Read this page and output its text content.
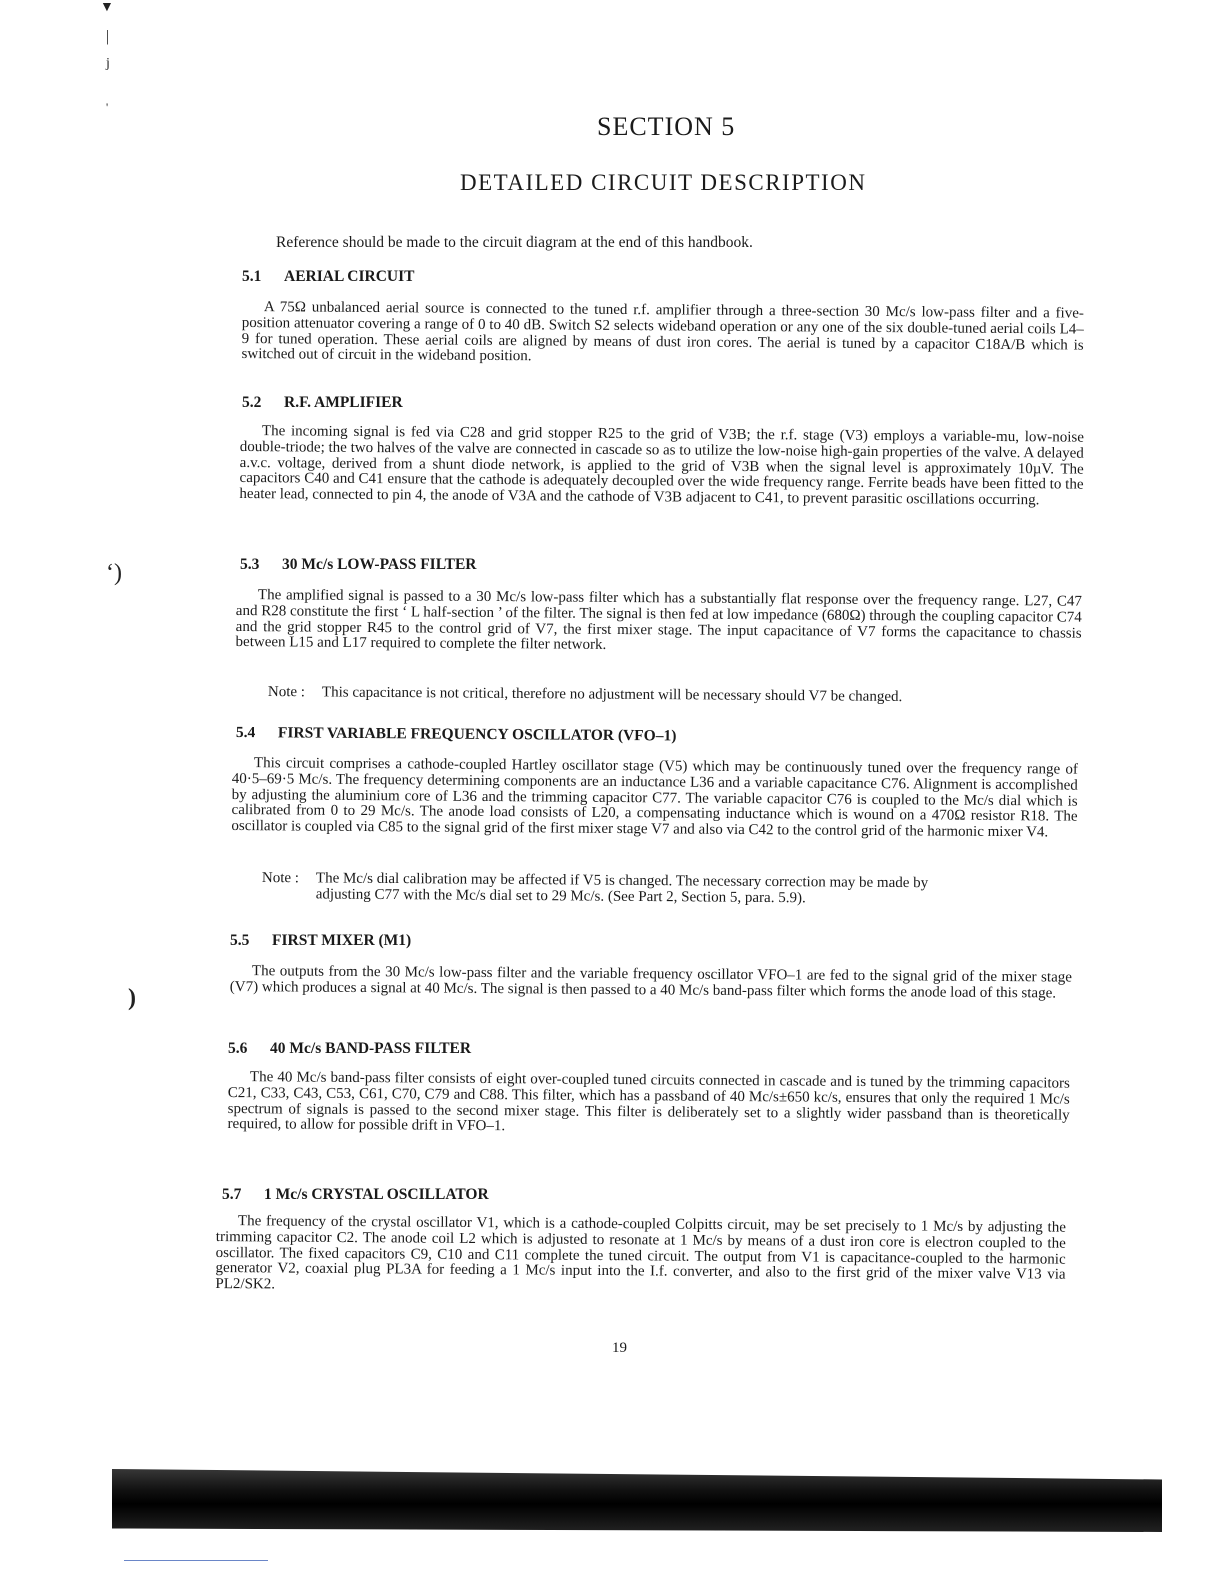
▼
|
j
'
‘)
)
SECTION 5
DETAILED CIRCUIT DESCRIPTION
Reference should be made to the circuit diagram at the end of this handbook.
5.1 AERIAL CIRCUIT
A 75Ω unbalanced aerial source is connected to the tuned r.f. amplifier through a three-section 30 Mc/s low-pass filter and a five-position attenuator covering a range of 0 to 40 dB. Switch S2 selects wideband operation or any one of the six double-tuned aerial coils L4–9 for tuned operation. These aerial coils are aligned by means of dust iron cores. The aerial is tuned by a capacitor C18A/B which is switched out of circuit in the wideband position.
5.2 R.F. AMPLIFIER
The incoming signal is fed via C28 and grid stopper R25 to the grid of V3B; the r.f. stage (V3) employs a variable-mu, low-noise double-triode; the two halves of the valve are connected in cascade so as to utilize the low-noise high-gain properties of the valve. A delayed a.v.c. voltage, derived from a shunt diode network, is applied to the grid of V3B when the signal level is approximately 10µV. The capacitors C40 and C41 ensure that the cathode is adequately decoupled over the wide frequency range. Ferrite beads have been fitted to the heater lead, connected to pin 4, the anode of V3A and the cathode of V3B adjacent to C41, to prevent parasitic oscillations occurring.
5.3 30 Mc/s LOW-PASS FILTER
The amplified signal is passed to a 30 Mc/s low-pass filter which has a substantially flat response over the frequency range. L27, C47 and R28 constitute the first ‘ L half-section ’ of the filter. The signal is then fed at low impedance (680Ω) through the coupling capacitor C74 and the grid stopper R45 to the control grid of V7, the first mixer stage. The input capacitance of V7 forms the capacitance to chassis between L15 and L17 required to complete the filter network.
Note : This capacitance is not critical, therefore no adjustment will be necessary should V7 be changed.
5.4 FIRST VARIABLE FREQUENCY OSCILLATOR (VFO–1)
This circuit comprises a cathode-coupled Hartley oscillator stage (V5) which may be continuously tuned over the frequency range of 40·5–69·5 Mc/s. The frequency determining components are an inductance L36 and a variable capacitance C76. Alignment is accomplished by adjusting the aluminium core of L36 and the trimming capacitor C77. The variable capacitor C76 is coupled to the Mc/s dial which is calibrated from 0 to 29 Mc/s. The anode load consists of L20, a compensating inductance which is wound on a 470Ω resistor R18. The oscillator is coupled via C85 to the signal grid of the first mixer stage V7 and also via C42 to the control grid of the harmonic mixer V4.
Note : The Mc/s dial calibration may be affected if V5 is changed. The necessary correction may be made by
adjusting C77 with the Mc/s dial set to 29 Mc/s. (See Part 2, Section 5, para. 5.9).
5.5 FIRST MIXER (M1)
The outputs from the 30 Mc/s low-pass filter and the variable frequency oscillator VFO–1 are fed to the signal grid of the mixer stage (V7) which produces a signal at 40 Mc/s. The signal is then passed to a 40 Mc/s band-pass filter which forms the anode load of this stage.
5.6 40 Mc/s BAND-PASS FILTER
The 40 Mc/s band-pass filter consists of eight over-coupled tuned circuits connected in cascade and is tuned by the trimming capacitors C21, C33, C43, C53, C61, C70, C79 and C88. This filter, which has a passband of 40 Mc/s±650 kc/s, ensures that only the required 1 Mc/s spectrum of signals is passed to the second mixer stage. This filter is deliberately set to a slightly wider passband than is theoretically required, to allow for possible drift in VFO–1.
5.7 1 Mc/s CRYSTAL OSCILLATOR
The frequency of the crystal oscillator V1, which is a cathode-coupled Colpitts circuit, may be set precisely to 1 Mc/s by adjusting the trimming capacitor C2. The anode coil L2 which is adjusted to resonate at 1 Mc/s by means of a dust iron core is electron coupled to the oscillator. The fixed capacitors C9, C10 and C11 complete the tuned circuit. The output from V1 is capacitance-coupled to the harmonic generator V2, coaxial plug PL3A for feeding a 1 Mc/s input into the I.f. converter, and also to the first grid of the mixer valve V13 via PL2/SK2.
19
